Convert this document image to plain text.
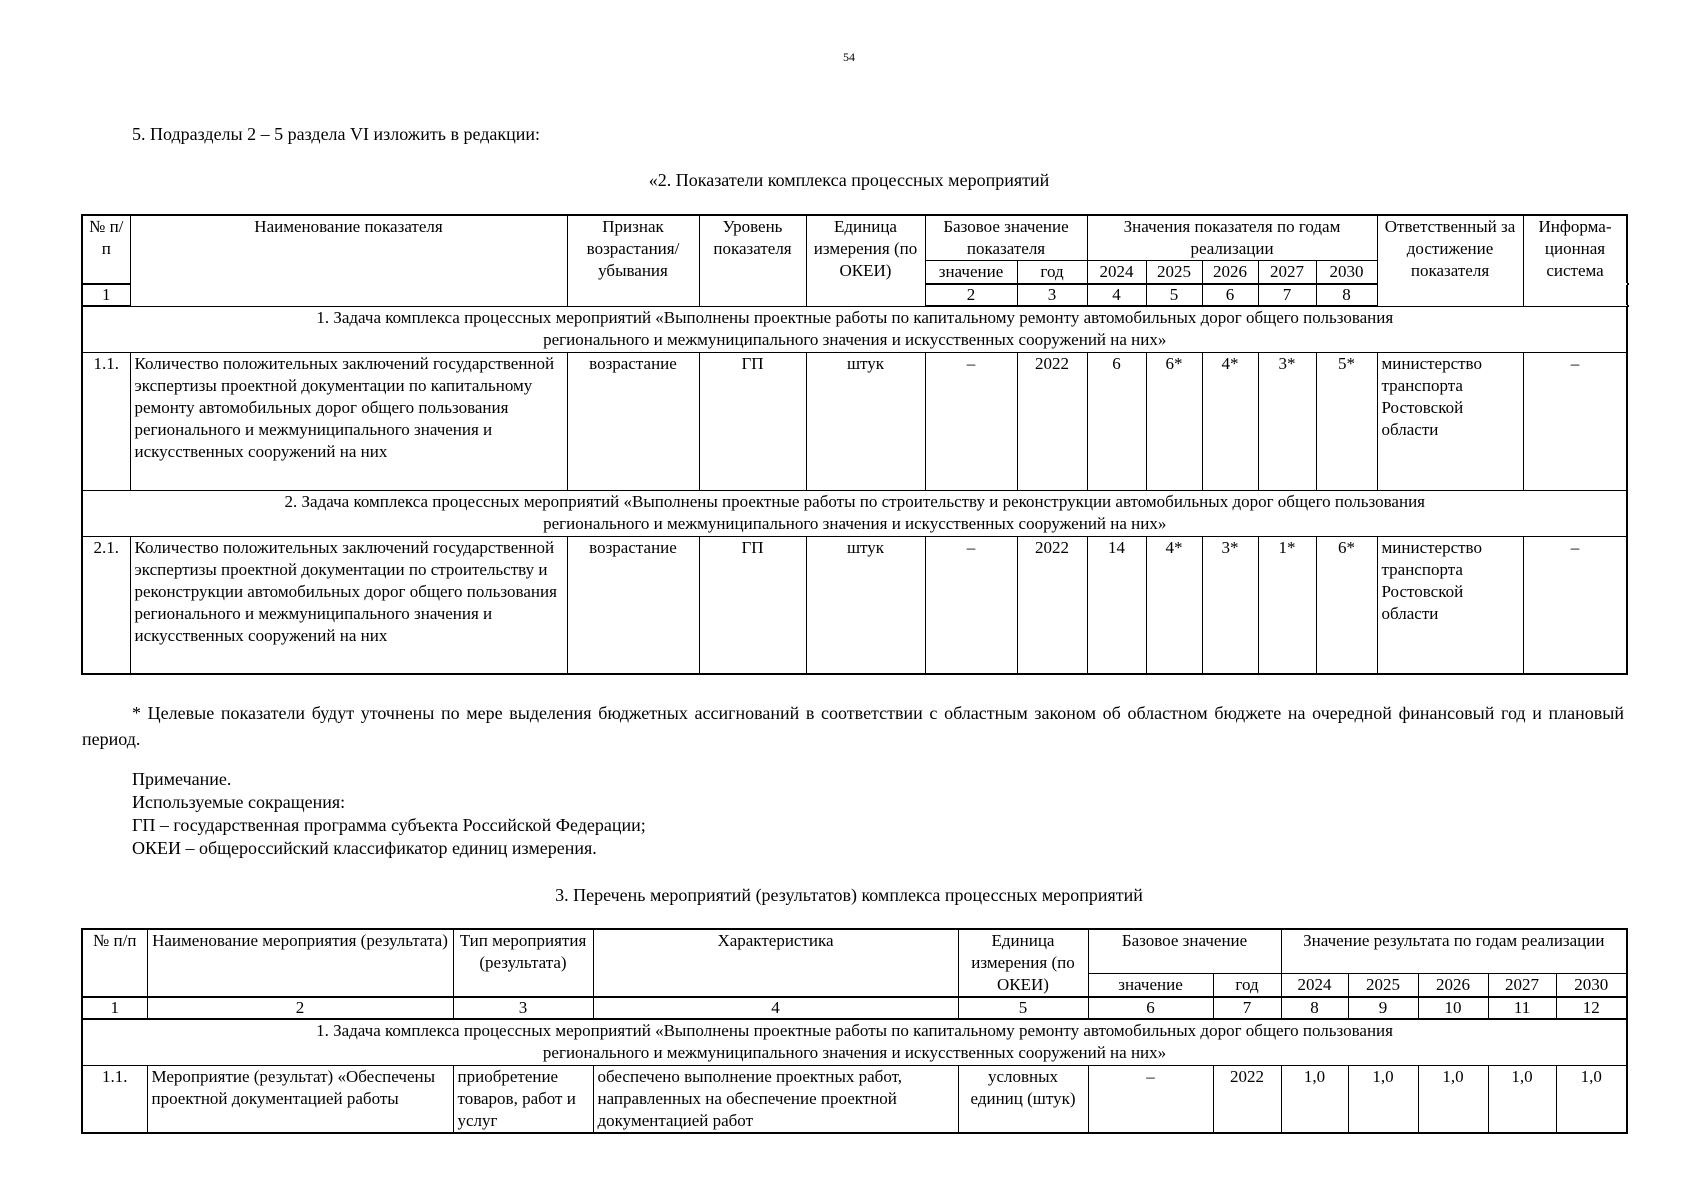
54
5. Подразделы 2 – 5 раздела VI изложить в редакции:
«2. Показатели комплекса процессных мероприятий
№ п/п	Наименование показателя	Признак возрастания/ убывания	Уровень показателя	Единица измерения (по ОКЕИ)	Базовое значение показателя		Значения показателя по годам реализации					Ответственный за достижение показателя	Информа-ционная система	
					значение	год	2024	2025	2026	2027	2030			
1					2	3	4	5	6	7	8						
1. Задача комплекса процессных мероприятий «Выполнены проектные работы по капитальному ремонту автомобильных дорог общего пользования регионального и межмуниципального значения и искусственных сооружений на них»														
1.1.	Количество положительных заключений государственной экспертизы проектной документации по капитальному ремонту автомобильных дорог общего пользования регионального и межмуниципального значения и искусственных сооружений на них	возрастание	ГП	штук	–	2022	6	6*	4*	3*	5*	министерство транспорта Ростовской области	–	
2. Задача комплекса процессных мероприятий «Выполнены проектные работы по строительству и реконструкции автомобильных дорог общего пользования регионального и межмуниципального значения и искусственных сооружений на них»														
2.1.	Количество положительных заключений государственной экспертизы проектной документации по строительству и реконструкции автомобильных дорог общего пользования регионального и межмуниципального значения и искусственных сооружений на них	возрастание	ГП	штук	–	2022	14	4*	3*	1*	6*	министерство транспорта Ростовской области	–	
* Целевые показатели будут уточнены по мере выделения бюджетных ассигнований в соответствии с областным законом об областном бюджете на очередной финансовый год и плановый период.
Примечание.
Используемые сокращения:
ГП – государственная программа субъекта Российской Федерации;
ОКЕИ – общероссийский классификатор единиц измерения.
3. Перечень мероприятий (результатов) комплекса процессных мероприятий
№ п/п	Наименование мероприятия (результата)	Тип мероприятия (результата)	Характеристика	Единица измерения (по ОКЕИ)	Базовое значение		Значение результата по годам реализации				
					значение	год	2024	2025	2026	2027	2030
1	2	3	4	5	6	7	8	9	10	11	12
1. Задача комплекса процессных мероприятий «Выполнены проектные работы по капитальному ремонту автомобильных дорог общего пользования регионального и межмуниципального значения и искусственных сооружений на них»											
1.1.	Мероприятие (результат) «Обеспечены проектной документацией работы	приобретение товаров, работ и услуг	обеспечено выполнение проектных работ, направленных на обеспечение проектной документацией работ	условных единиц (штук)	–	2022	1,0	1,0	1,0	1,0	1,0
